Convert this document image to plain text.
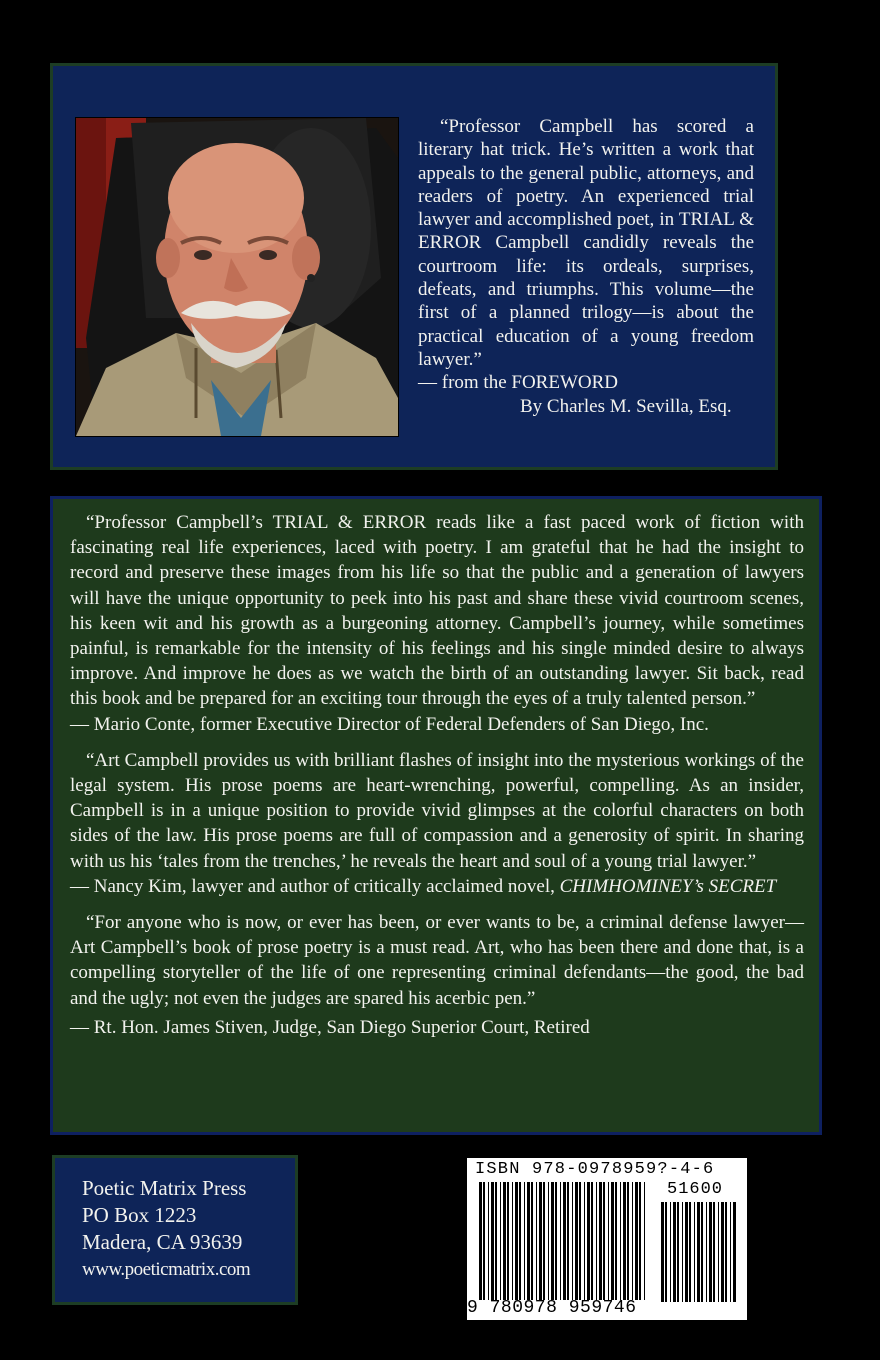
“Professor Campbell has scored a literary hat trick. He’s written a work that appeals to the general public, attorneys, and readers of poetry. An experienced trial lawyer and accomplished poet, in TRIAL & ERROR Campbell candidly reveals the courtroom life: its ordeals, surprises, defeats, and triumphs. This volume—the first of a planned trilogy—is about the practical education of a young freedom lawyer.”

— from the FOREWORD

By Charles M. Sevilla, Esq.

“Professor Campbell’s TRIAL & ERROR reads like a fast paced work of fiction with fascinating real life experiences, laced with poetry. I am grateful that he had the insight to record and preserve these images from his life so that the public and a generation of lawyers will have the unique opportunity to peek into his past and share these vivid courtroom scenes, his keen wit and his growth as a burgeoning attorney. Campbell’s journey, while sometimes painful, is remarkable for the intensity of his feelings and his single minded desire to always improve. And improve he does as we watch the birth of an outstanding lawyer. Sit back, read this book and be prepared for an exciting tour through the eyes of a truly talented person.”

— Mario Conte, former Executive Director of Federal Defenders of San Diego, Inc.

“Art Campbell provides us with brilliant flashes of insight into the mysterious workings of the legal system. His prose poems are heart-wrenching, powerful, compelling. As an insider, Campbell is in a unique position to provide vivid glimpses at the colorful characters on both sides of the law. His prose poems are full of compassion and a generosity of spirit. In sharing with us his ‘tales from the trenches,’ he reveals the heart and soul of a young trial lawyer.”

— Nancy Kim, lawyer and author of critically acclaimed novel, CHIMHOMINEY’s SECRET

“For anyone who is now, or ever has been, or ever wants to be, a criminal defense lawyer—Art Campbell’s book of prose poetry is a must read. Art, who has been there and done that, is a compelling storyteller of the life of one representing criminal defendants—the good, the bad and the ugly; not even the judges are spared his acerbic pen.”

— Rt. Hon. James Stiven, Judge, San Diego Superior Court, Retired

Poetic Matrix Press
PO Box 1223
Madera, CA 93639
www.poeticmatrix.com
ISBN 978-0978959?-4-6
51600
9 780978 959746
